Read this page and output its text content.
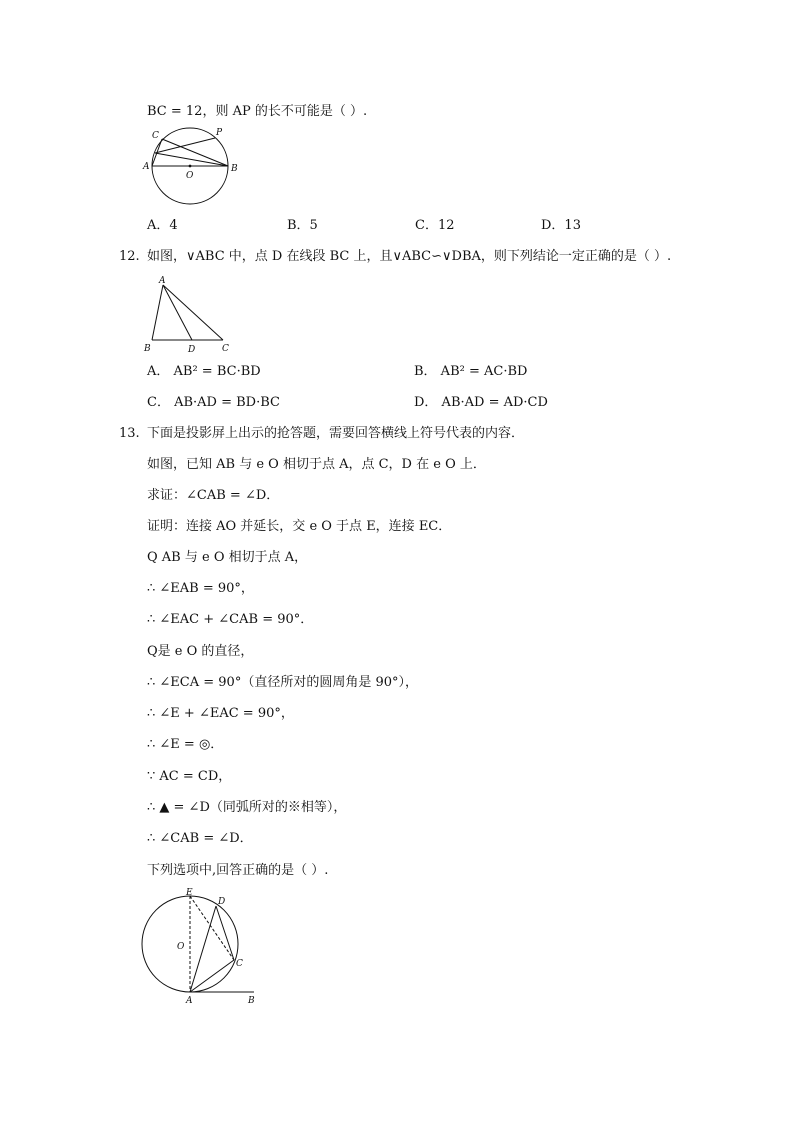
BC = 12，则 AP 的长不可能是（ ）.
A	B
O
C	P
A．4	B．5	C．12	D．13
12. 如图，∨ABC 中，点 D 在线段 BC 上，且∨ABC∽∨DBA，则下列结论一定正确的是（ ）.
A
B	D	C
A． AB² = BC·BD	B． AB² = AC·BD
C． AB·AD = BD·BC	D． AB·AD = AD·CD
13. 下面是投影屏上出示的抢答题，需要回答横线上符号代表的内容．
如图，已知 AB 与 e O 相切于点 A，点 C，D 在 e O 上．
求证：∠CAB = ∠D．
证明：连接 AO 并延长，交 e O 于点 E，连接 EC．
Q AB 与 e O 相切于点 A，
∴ ∠EAB = 90°，
∴ ∠EAC + ∠CAB = 90°．
Q是 e O 的直径，
∴ ∠ECA = 90°（直径所对的圆周角是 90°），
∴ ∠E + ∠EAC = 90°，
∴ ∠E = ◎．
∵ AC = CD，
∴ ▲ = ∠D（同弧所对的※相等），
∴ ∠CAB = ∠D．
下列选项中,回答正确的是（ ）.
E
D
O
C
A	B
